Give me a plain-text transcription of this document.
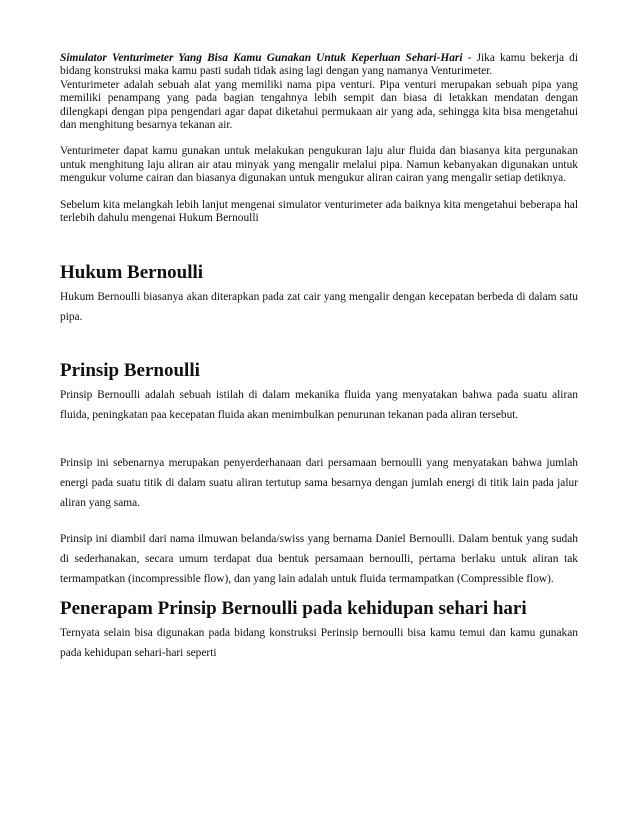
Simulator Venturimeter Yang Bisa Kamu Gunakan Untuk Keperluan Sehari-Hari - Jika kamu bekerja di bidang konstruksi maka kamu pasti sudah tidak asing lagi dengan yang namanya Venturimeter.

Venturimeter adalah sebuah alat yang memiliki nama pipa venturi. Pipa venturi merupakan sebuah pipa yang memiliki penampang yang pada bagian tengahnya lebih sempit dan biasa di letakkan mendatan dengan dilengkapi dengan pipa pengendari agar dapat diketahui permukaan air yang ada, sehingga kita bisa mengetahui dan menghitung besarnya tekanan air.

Venturimeter dapat kamu gunakan untuk melakukan pengukuran laju alur fluida dan biasanya kita pergunakan untuk menghitung laju aliran air atau minyak yang mengalir melalui pipa. Namun kebanyakan digunakan untuk mengukur volume cairan dan biasanya digunakan untuk mengukur aliran cairan yang mengalir setiap detiknya.

Sebelum kita melangkah lebih lanjut mengenai simulator venturimeter ada baiknya kita mengetahui beberapa hal terlebih dahulu mengenai Hukum Bernoulli

Hukum Bernoulli

Hukum Bernoulli biasanya akan diterapkan pada zat cair yang mengalir dengan kecepatan berbeda di dalam satu pipa.

Prinsip Bernoulli

Prinsip Bernoulli adalah sebuah istilah di dalam mekanika fluida yang menyatakan bahwa pada suatu aliran fluida, peningkatan paa kecepatan fluida akan menimbulkan penurunan tekanan pada aliran tersebut.

Prinsip ini sebenarnya merupakan penyerderhanaan dari persamaan bernoulli yang menyatakan bahwa jumlah energi pada suatu titik di dalam suatu aliran tertutup sama besarnya dengan jumlah energi di titik lain pada jalur aliran yang sama.

Prinsip ini diambil dari nama ilmuwan belanda/swiss yang bernama Daniel Bernoulli. Dalam bentuk yang sudah di sederhanakan, secara umum terdapat dua bentuk persamaan bernoulli, pertama berlaku untuk aliran tak termampatkan (incompressible flow), dan yang lain adalah untuk fluida termampatkan (Compressible flow).

Penerapam Prinsip Bernoulli pada kehidupan sehari hari

Ternyata selain bisa digunakan pada bidang konstruksi Perinsip bernoulli bisa kamu temui dan kamu gunakan pada kehidupan sehari-hari seperti
